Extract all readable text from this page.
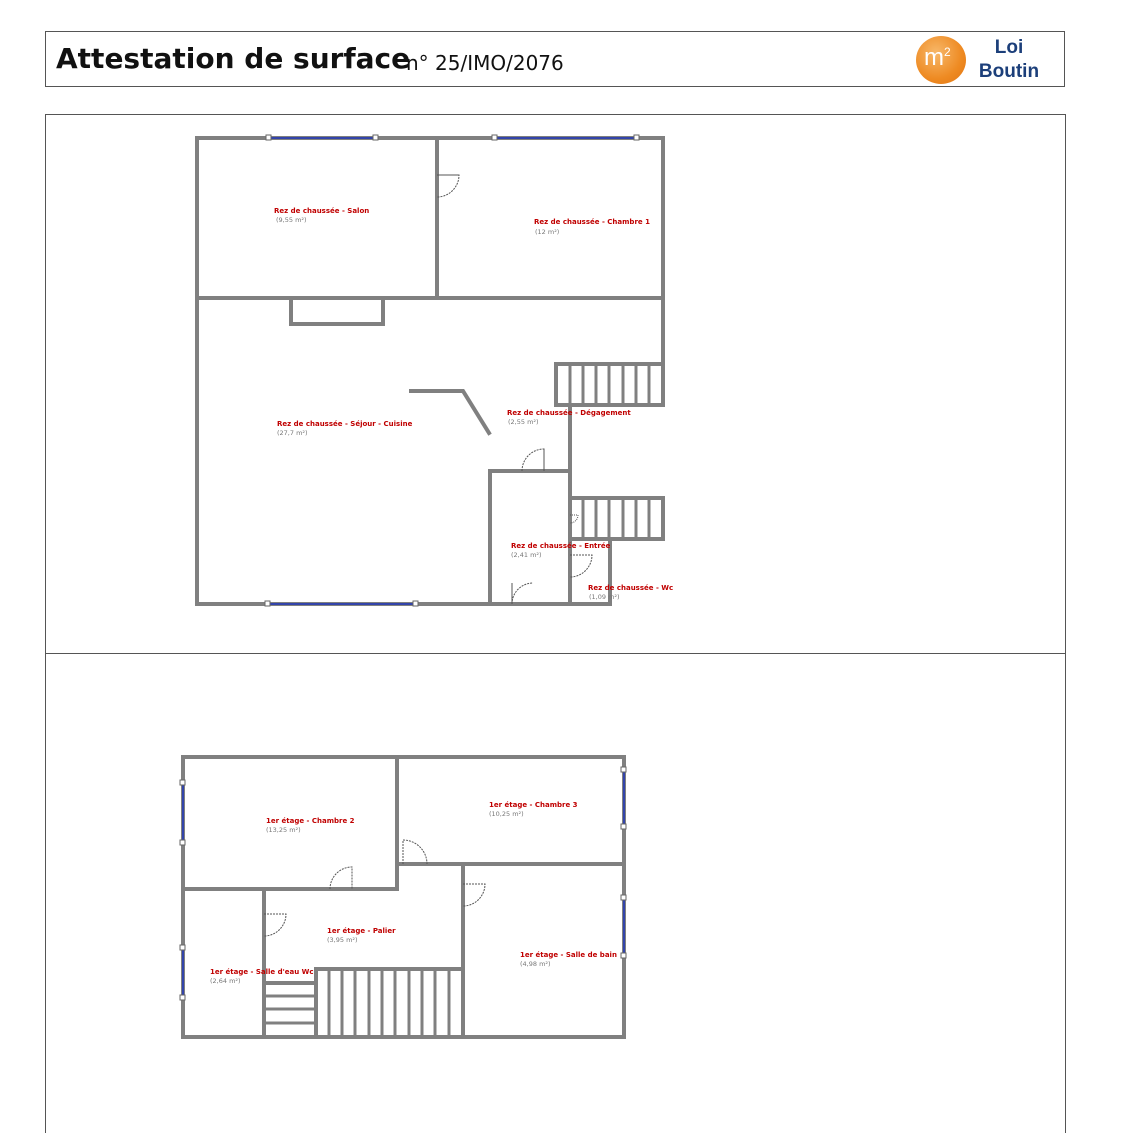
Attestation de surface
n° 25/IMO/2076	$m^2$	Loi
Boutin
Rez de chaussée - Salon
(9,55 m²)	Rez de chaussée - Chambre 1
(12 m²)
Rez de chaussée - Séjour - Cuisine
(27,7 m²)
Rez de chaussée - Dégagement
(2,55 m²)
Rez de chaussée - Entrée
(2,41 m²)
Rez de chaussée - Wc
(1,09 m²)
1er étage - Chambre 2
(13,25 m²)
1er étage - Chambre 3
(10,25 m²)
1er étage - Palier
(3,95 m²)
1er étage - Salle d'eau Wc
(2,64 m²)
1er étage - Salle de bain
(4,98 m²)
